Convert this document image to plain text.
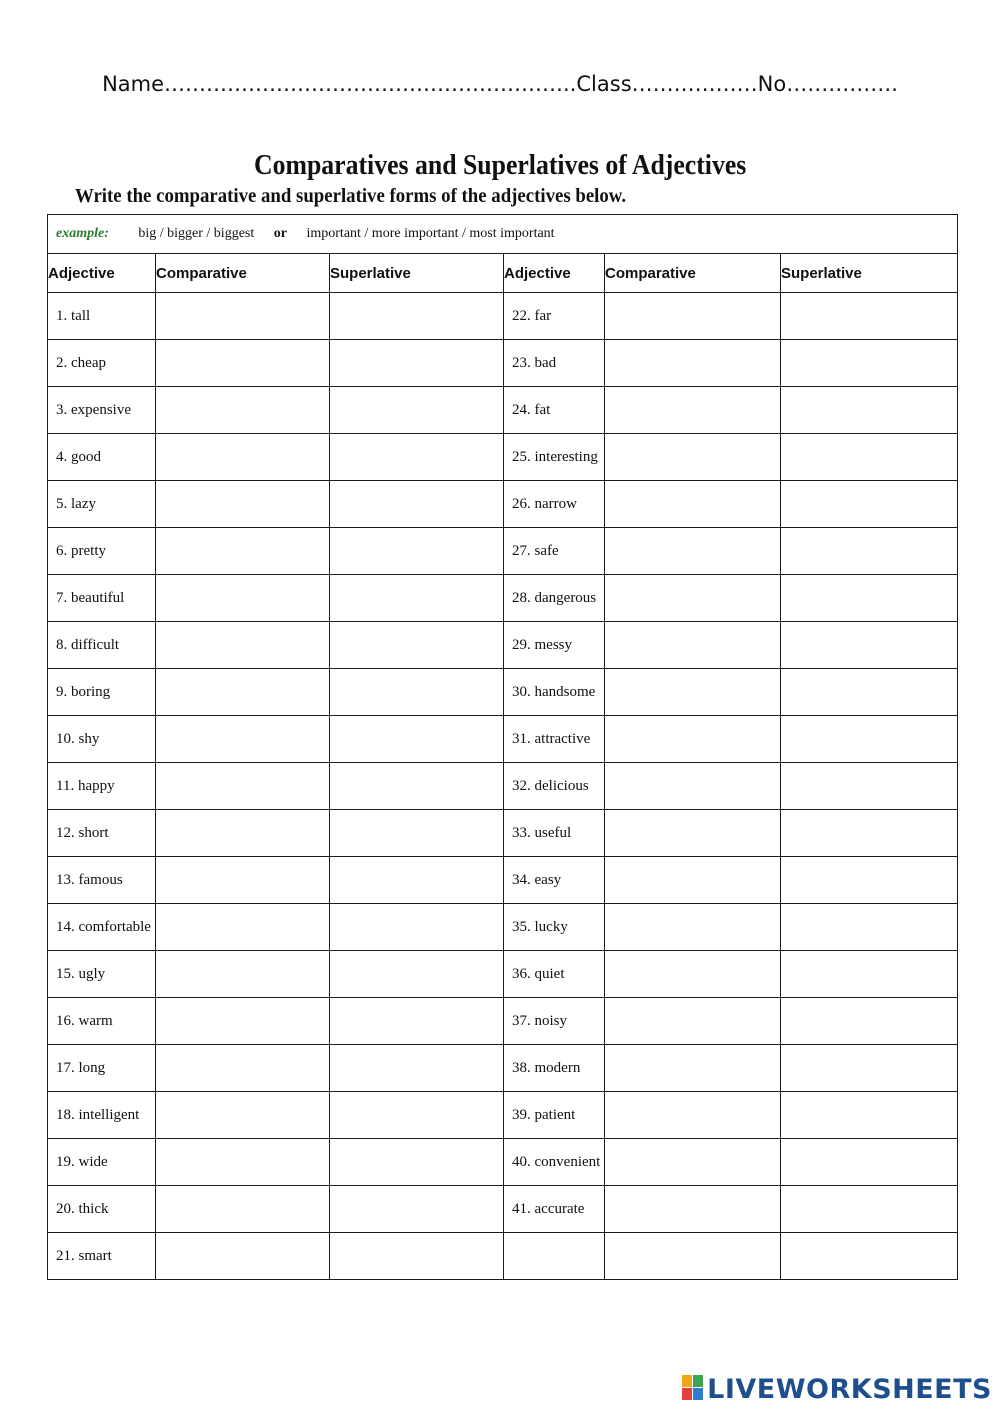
Name…………………………………………………..Class………………No…………….
Comparatives and Superlatives of Adjectives
Write the comparative and superlative forms of the adjectives below.
example: big / bigger / biggest or important / more important / most important					
Adjective	Comparative	Superlative	Adjective	Comparative	Superlative
1. tall			22. far		
2. cheap			23. bad		
3. expensive			24. fat		
4. good			25. interesting		
5. lazy			26. narrow		
6. pretty			27. safe		
7. beautiful			28. dangerous		
8. difficult			29. messy		
9. boring			30. handsome		
10. shy			31. attractive		
11. happy			32. delicious		
12. short			33. useful		
13. famous			34. easy		
14. comfortable			35. lucky		
15. ugly			36. quiet		
16. warm			37. noisy		
17. long			38. modern		
18. intelligent			39. patient		
19. wide			40. convenient		
20. thick			41. accurate		
21. smart					
LIVEWORKSHEETS
